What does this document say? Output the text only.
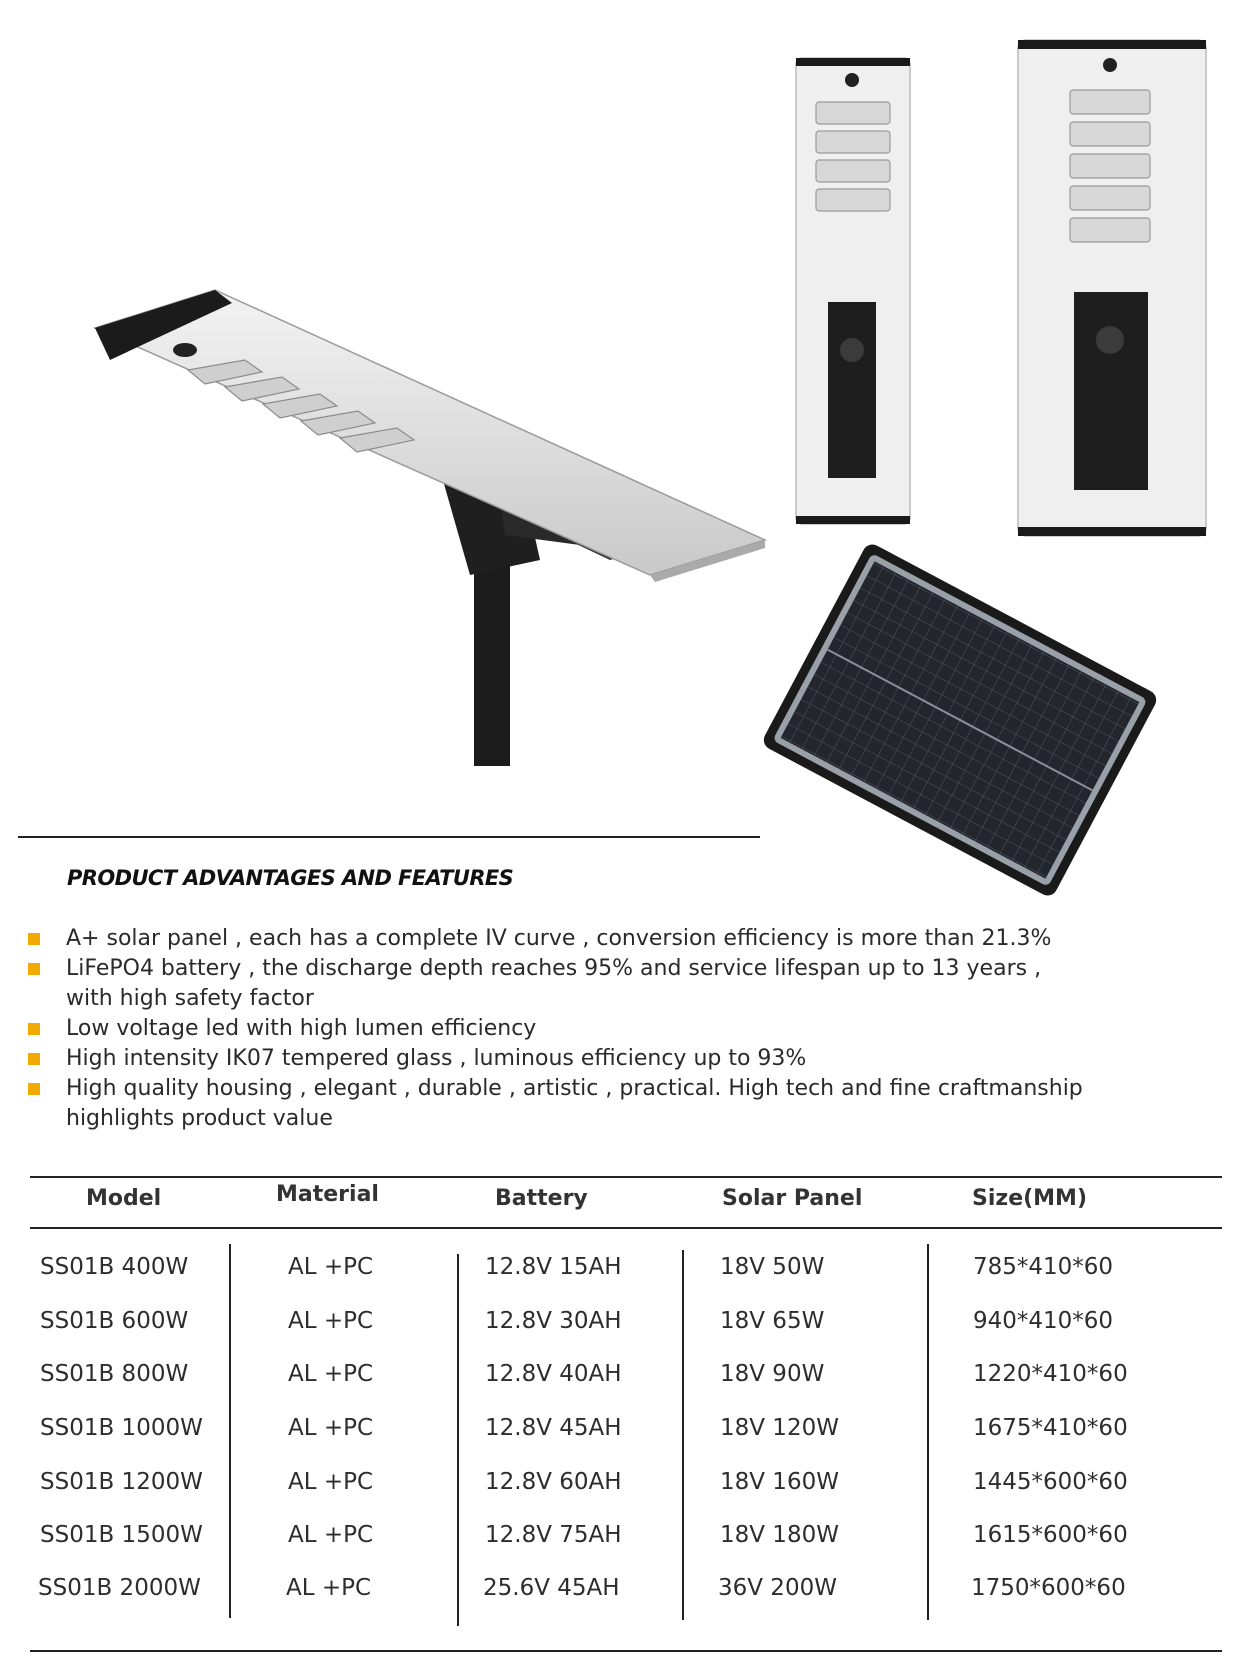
PRODUCT ADVANTAGES AND FEATURES
A+ solar panel , each has a complete IV curve , conversion efficiency is more than 21.3%
LiFePO4 battery , the discharge depth reaches 95% and service lifespan up to 13 years ,
with high safety factor
Low voltage led with high lumen efficiency
High intensity IK07 tempered glass , luminous efficiency up to 93%
High quality housing , elegant , durable , artistic , practical. High tech and fine craftmanship
highlights product value
Model	Material	Battery	Solar Panel	Size(MM)
SS01B 400W	AL +PC	12.8V 15AH	18V 50W	785*410*60
SS01B 600W	AL +PC	12.8V 30AH	18V 65W	940*410*60
SS01B 800W	AL +PC	12.8V 40AH	18V 90W	1220*410*60
SS01B 1000W	AL +PC	12.8V 45AH	18V 120W	1675*410*60
SS01B 1200W	AL +PC	12.8V 60AH	18V 160W	1445*600*60
SS01B 1500W	AL +PC	12.8V 75AH	18V 180W	1615*600*60
SS01B 2000W	AL +PC	25.6V 45AH	36V 200W	1750*600*60
